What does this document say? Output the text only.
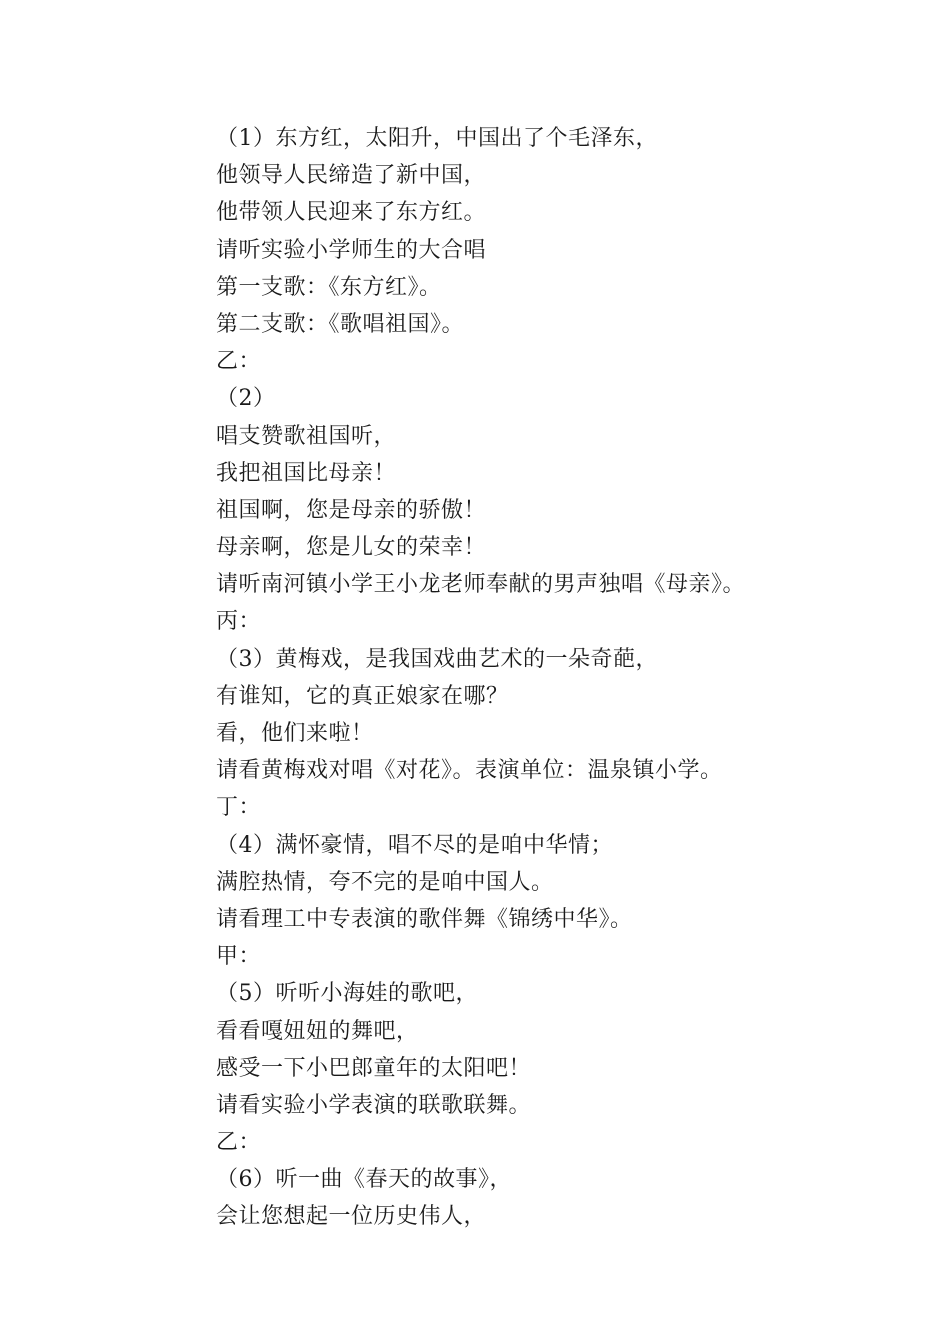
（1）东方红，太阳升，中国出了个毛泽东，
他领导人民缔造了新中国，
他带领人民迎来了东方红。
请听实验小学师生的大合唱
第一支歌：《东方红》。
第二支歌：《歌唱祖国》。
乙：
（2）
唱支赞歌祖国听，
我把祖国比母亲！
祖国啊，您是母亲的骄傲！
母亲啊，您是儿女的荣幸！
请听南河镇小学王小龙老师奉献的男声独唱《母亲》。
丙：
（3）黄梅戏，是我国戏曲艺术的一朵奇葩，
有谁知，它的真正娘家在哪？
看，他们来啦！
请看黄梅戏对唱《对花》。表演单位：温泉镇小学。
丁：
（4）满怀豪情，唱不尽的是咱中华情；
满腔热情，夸不完的是咱中国人。
请看理工中专表演的歌伴舞《锦绣中华》。
甲：
（5）听听小海娃的歌吧，
看看嘎妞妞的舞吧，
感受一下小巴郎童年的太阳吧！
请看实验小学表演的联歌联舞。
乙：
（6）听一曲《春天的故事》，
会让您想起一位历史伟人，
